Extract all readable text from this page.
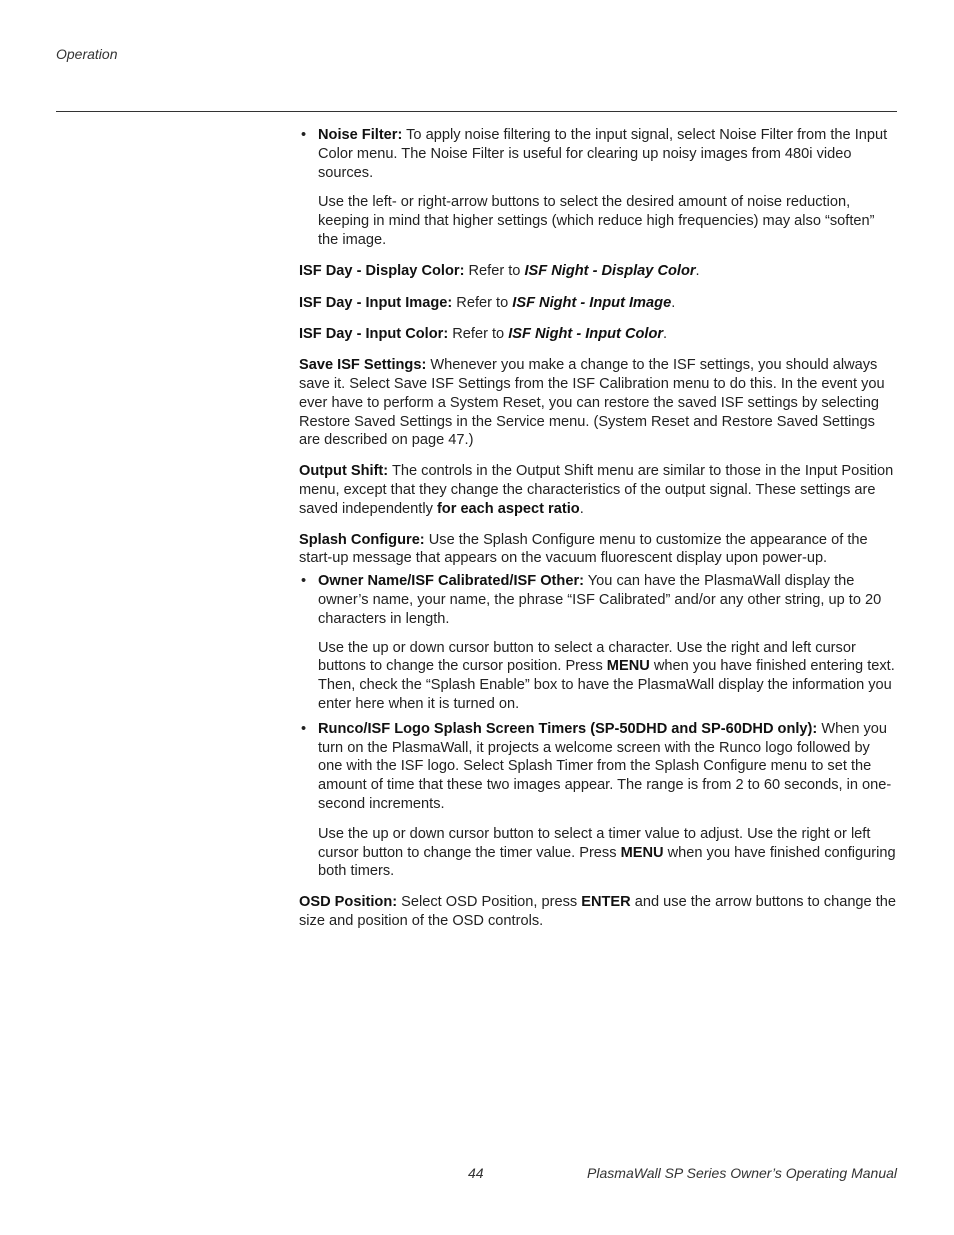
Operation

• Noise Filter: To apply noise filtering to the input signal, select Noise Filter from the Input Color menu. The Noise Filter is useful for clearing up noisy images from 480i video sources.

Use the left- or right-arrow buttons to select the desired amount of noise reduction, keeping in mind that higher settings (which reduce high frequencies) may also “soften” the image.

ISF Day - Display Color: Refer to ISF Night - Display Color.

ISF Day - Input Image: Refer to ISF Night - Input Image.

ISF Day - Input Color: Refer to ISF Night - Input Color.

Save ISF Settings: Whenever you make a change to the ISF settings, you should always save it. Select Save ISF Settings from the ISF Calibration menu to do this. In the event you ever have to perform a System Reset, you can restore the saved ISF settings by selecting Restore Saved Settings in the Service menu. (System Reset and Restore Saved Settings are described on page 47.)

Output Shift: The controls in the Output Shift menu are similar to those in the Input Position menu, except that they change the characteristics of the output signal. These settings are saved independently for each aspect ratio.

Splash Configure: Use the Splash Configure menu to customize the appearance of the start-up message that appears on the vacuum fluorescent display upon power-up.

• Owner Name/ISF Calibrated/ISF Other: You can have the PlasmaWall display the owner’s name, your name, the phrase “ISF Calibrated” and/or any other string, up to 20 characters in length.

Use the up or down cursor button to select a character. Use the right and left cursor buttons to change the cursor position. Press MENU when you have finished entering text. Then, check the “Splash Enable” box to have the PlasmaWall display the information you enter here when it is turned on.

• Runco/ISF Logo Splash Screen Timers (SP-50DHD and SP-60DHD only): When you turn on the PlasmaWall, it projects a welcome screen with the Runco logo followed by one with the ISF logo. Select Splash Timer from the Splash Configure menu to set the amount of time that these two images appear. The range is from 2 to 60 seconds, in one-second increments.

Use the up or down cursor button to select a timer value to adjust. Use the right or left cursor button to change the timer value. Press MENU when you have finished configuring both timers.

OSD Position: Select OSD Position, press ENTER and use the arrow buttons to change the size and position of the OSD controls.

44	PlasmaWall SP Series Owner’s Operating Manual
